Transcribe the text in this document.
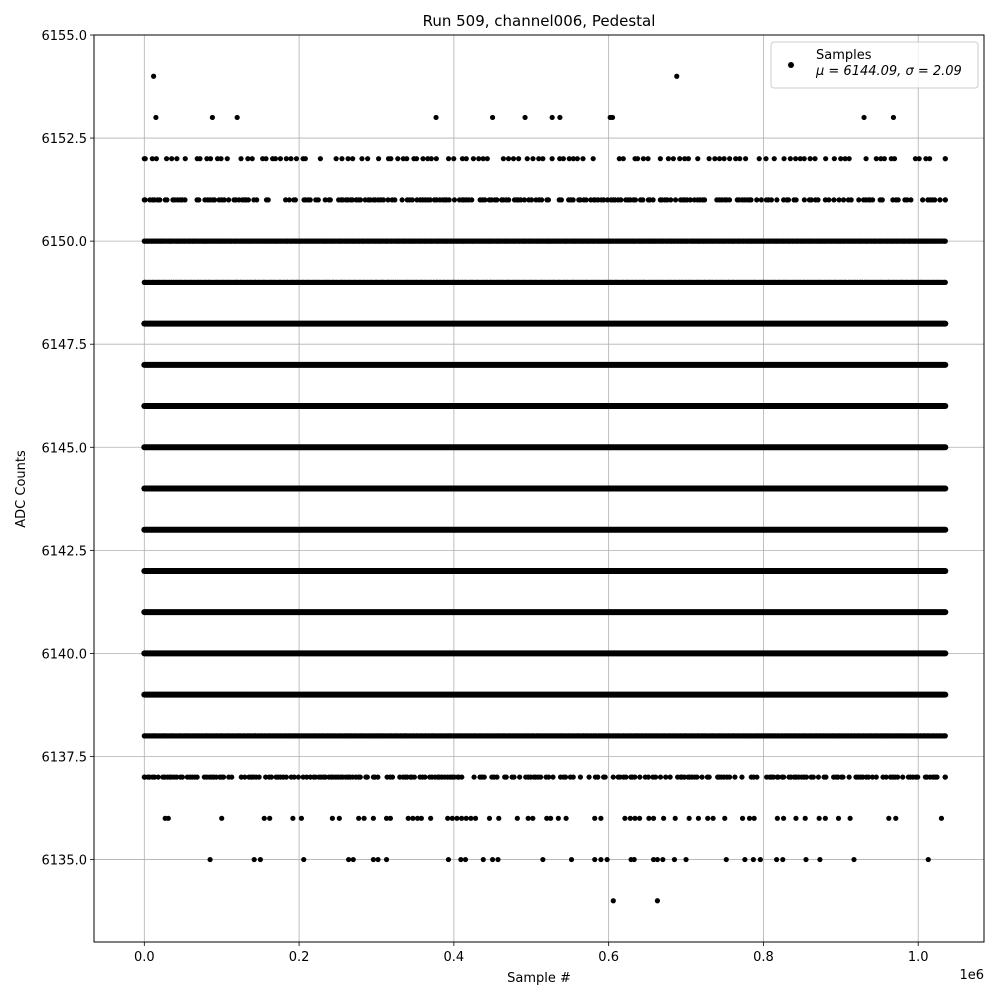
0.0	0.2	0.4	0.6	0.8	1.0
6135.0
6137.5
6140.0
6142.5
6145.0
6147.5
6150.0
6152.5
6155.0
Run 509, channel006, Pedestal
Sample #
ADC Counts
1e6
Samples
μ = 6144.09, σ = 2.09
